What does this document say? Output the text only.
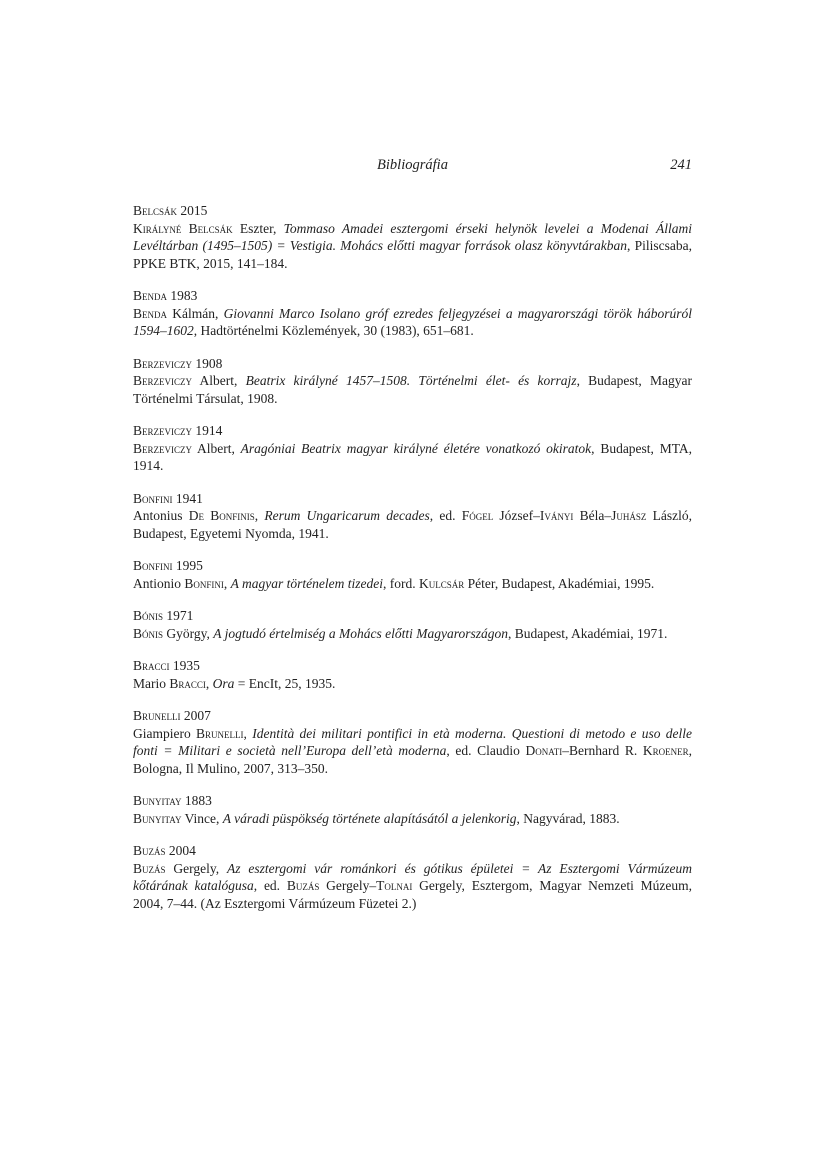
Bibliográfia	241
Belcsák 2015
Királyné Belcsák Eszter, Tommaso Amadei esztergomi érseki helynök levelei a Modenai Állami Levéltárban (1495–1505) = Vestigia. Mohács előtti magyar források olasz könyvtárakban, Piliscsaba, PPKE BTK, 2015, 141–184.
Benda 1983
Benda Kálmán, Giovanni Marco Isolano gróf ezredes feljegyzései a magyarországi török háborúról 1594–1602, Hadtörténelmi Közlemények, 30 (1983), 651–681.
Berzeviczy 1908
Berzeviczy Albert, Beatrix királyné 1457–1508. Történelmi élet- és korrajz, Budapest, Magyar Történelmi Társulat, 1908.
Berzeviczy 1914
Berzeviczy Albert, Aragóniai Beatrix magyar királyné életére vonatkozó okiratok, Budapest, MTA, 1914.
Bonfini 1941
Antonius De Bonfinis, Rerum Ungaricarum decades, ed. Fógel József–Iványi Béla–Juhász László, Budapest, Egyetemi Nyomda, 1941.
Bonfini 1995
Antionio Bonfini, A magyar történelem tizedei, ford. Kulcsár Péter, Budapest, Akadémiai, 1995.
Bónis 1971
Bónis György, A jogtudó értelmiség a Mohács előtti Magyarországon, Budapest, Akadémiai, 1971.
Bracci 1935
Mario Bracci, Ora = EncIt, 25, 1935.
Brunelli 2007
Giampiero Brunelli, Identità dei militari pontifici in età moderna. Questioni di metodo e uso delle fonti = Militari e società nell’Europa dell’età moderna, ed. Claudio Donati–Bernhard R. Kroener, Bologna, Il Mulino, 2007, 313–350.
Bunyitay 1883
Bunyitay Vince, A váradi püspökség története alapításától a jelenkorig, Nagyvárad, 1883.
Buzás 2004
Buzás Gergely, Az esztergomi vár románkori és gótikus épületei = Az Esztergomi Vármúzeum kőtárának katalógusa, ed. Buzás Gergely–Tolnai Gergely, Esztergom, Magyar Nemzeti Múzeum, 2004, 7–44. (Az Esztergomi Vármúzeum Füzetei 2.)
